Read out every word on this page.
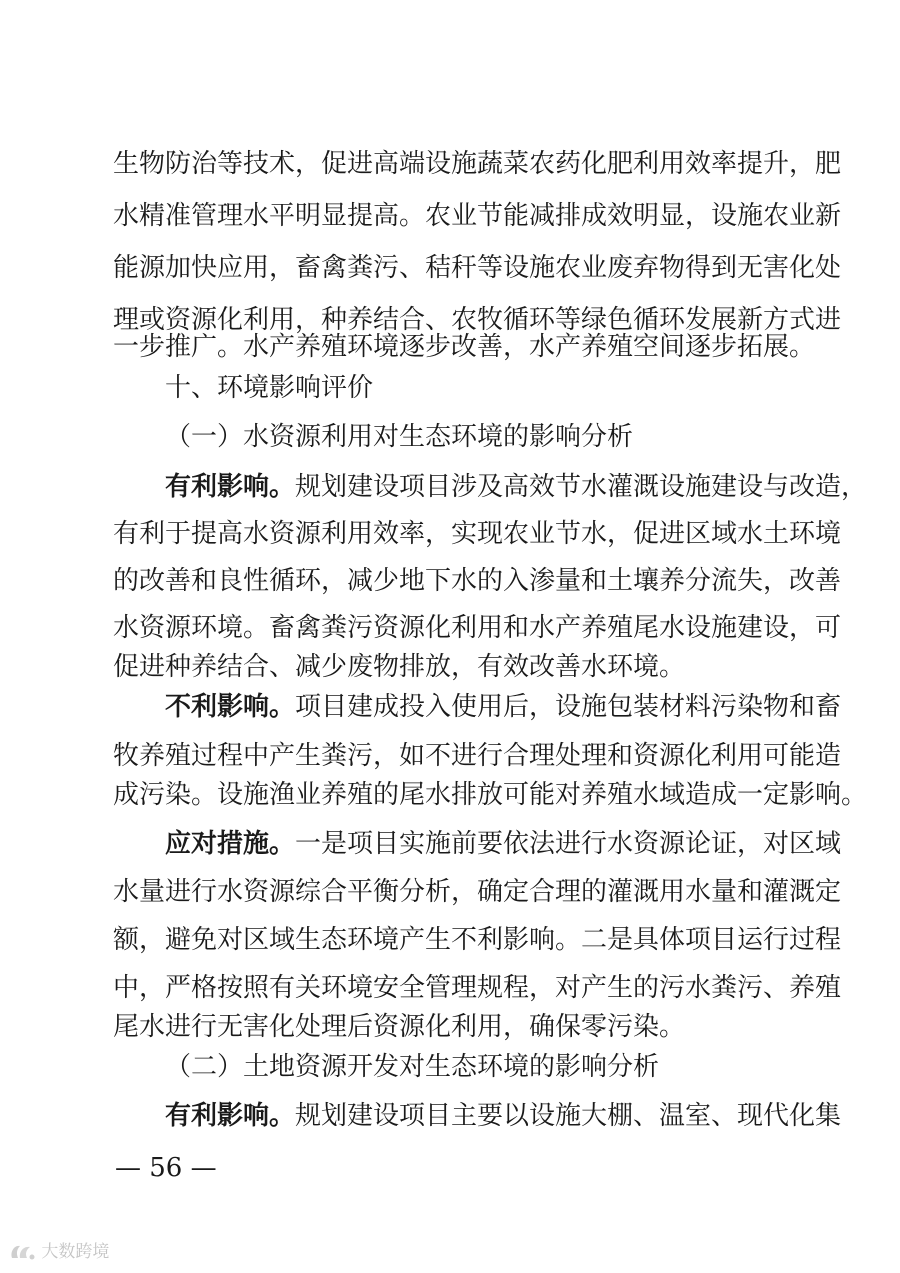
生物防治等技术，促进高端设施蔬菜农药化肥利用效率提升，肥
水精准管理水平明显提高。农业节能减排成效明显，设施农业新
能源加快应用，畜禽粪污、秸秆等设施农业废弃物得到无害化处
理或资源化利用，种养结合、农牧循环等绿色循环发展新方式进
一步推广。水产养殖环境逐步改善，水产养殖空间逐步拓展。
十、环境影响评价
（一）水资源利用对生态环境的影响分析
有利影响。规划建设项目涉及高效节水灌溉设施建设与改造，
有利于提高水资源利用效率，实现农业节水，促进区域水土环境
的改善和良性循环，减少地下水的入渗量和土壤养分流失，改善
水资源环境。畜禽粪污资源化利用和水产养殖尾水设施建设，可
促进种养结合、减少废物排放，有效改善水环境。
不利影响。项目建成投入使用后，设施包装材料污染物和畜
牧养殖过程中产生粪污，如不进行合理处理和资源化利用可能造
成污染。设施渔业养殖的尾水排放可能对养殖水域造成一定影响。
应对措施。一是项目实施前要依法进行水资源论证，对区域
水量进行水资源综合平衡分析，确定合理的灌溉用水量和灌溉定
额，避免对区域生态环境产生不利影响。二是具体项目运行过程
中，严格按照有关环境安全管理规程，对产生的污水粪污、养殖
尾水进行无害化处理后资源化利用，确保零污染。
（二）土地资源开发对生态环境的影响分析
有利影响。规划建设项目主要以设施大棚、温室、现代化集
— 56 —
大数跨境
